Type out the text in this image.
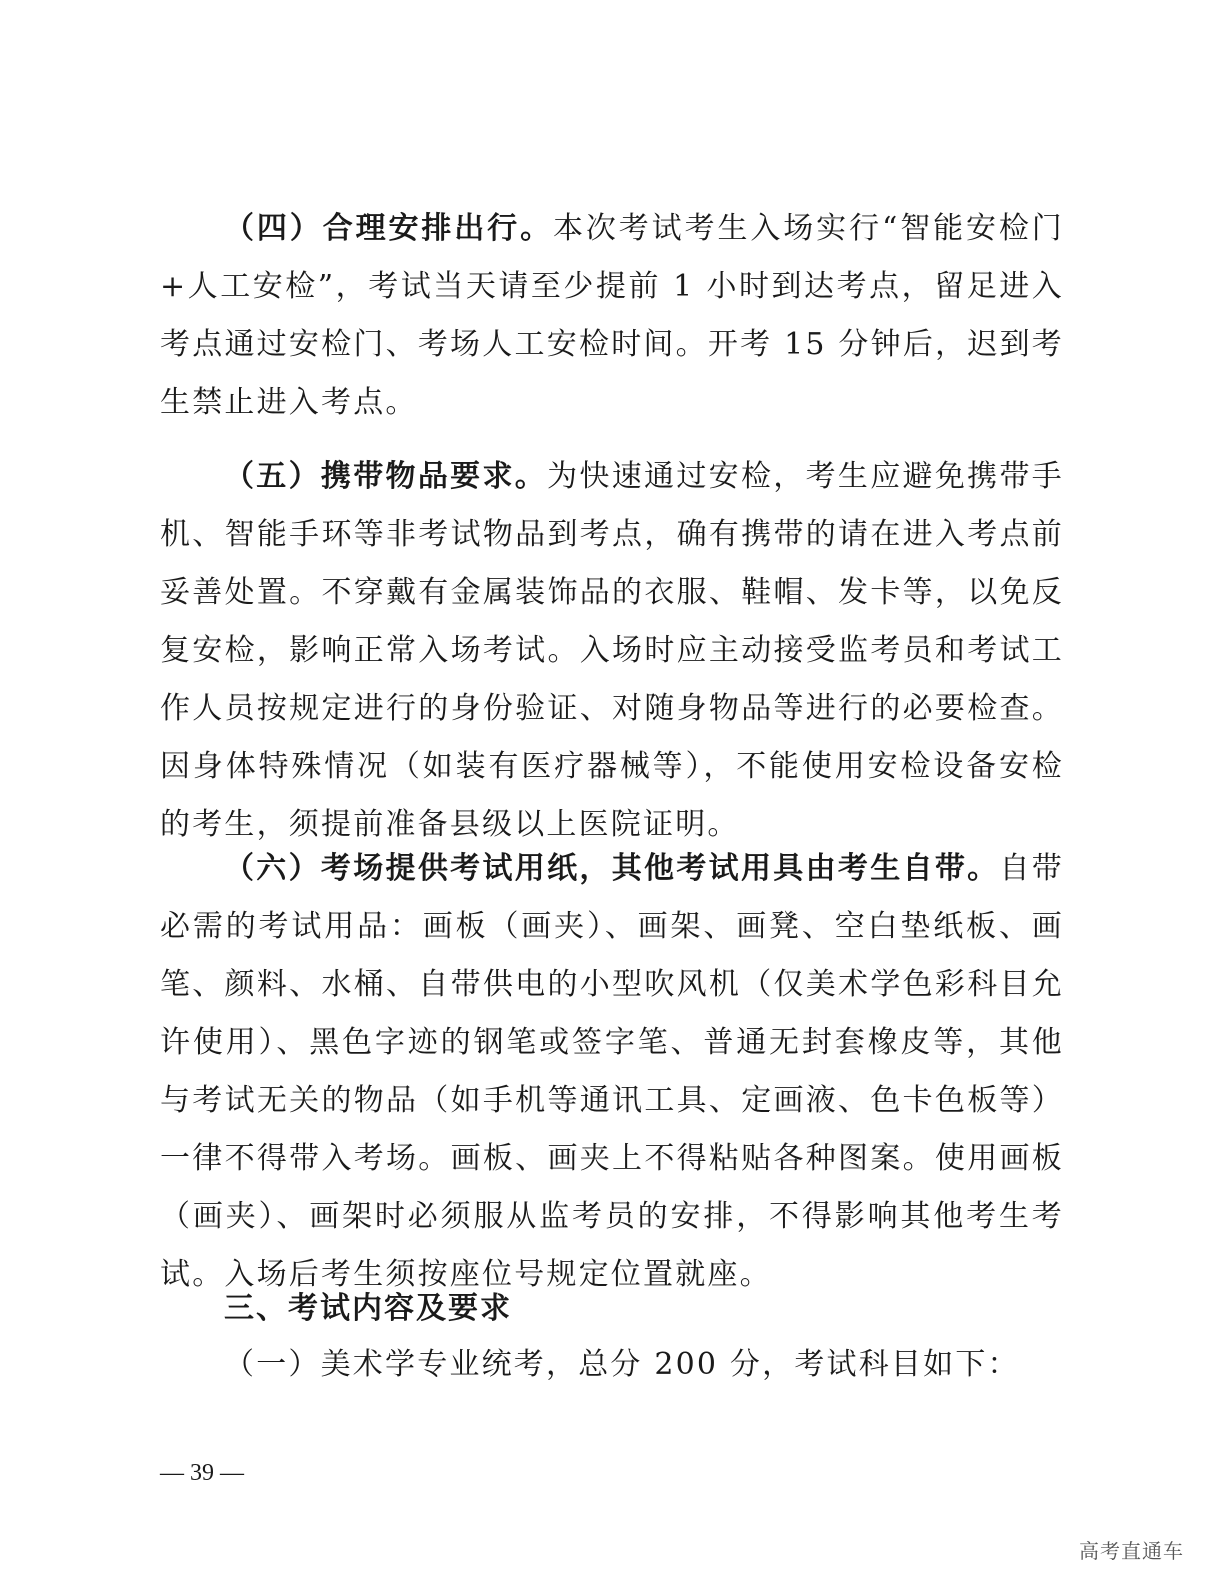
（四）合理安排出行。本次考试考生入场实行“智能安检门+人工安检”，考试当天请至少提前 1 小时到达考点，留足进入考点通过安检门、考场人工安检时间。开考 15 分钟后，迟到考生禁止进入考点。

（五）携带物品要求。为快速通过安检，考生应避免携带手机、智能手环等非考试物品到考点，确有携带的请在进入考点前妥善处置。不穿戴有金属装饰品的衣服、鞋帽、发卡等，以免反复安检，影响正常入场考试。入场时应主动接受监考员和考试工作人员按规定进行的身份验证、对随身物品等进行的必要检查。因身体特殊情况（如装有医疗器械等），不能使用安检设备安检的考生，须提前准备县级以上医院证明。

（六）考场提供考试用纸，其他考试用具由考生自带。自带必需的考试用品：画板（画夹）、画架、画凳、空白垫纸板、画笔、颜料、水桶、自带供电的小型吹风机（仅美术学色彩科目允许使用）、黑色字迹的钢笔或签字笔、普通无封套橡皮等，其他与考试无关的物品（如手机等通讯工具、定画液、色卡色板等）一律不得带入考场。画板、画夹上不得粘贴各种图案。使用画板（画夹）、画架时必须服从监考员的安排，不得影响其他考生考试。入场后考生须按座位号规定位置就座。

三、考试内容及要求

（一）美术学专业统考，总分 200 分，考试科目如下：

— 39 —
高考直通车
